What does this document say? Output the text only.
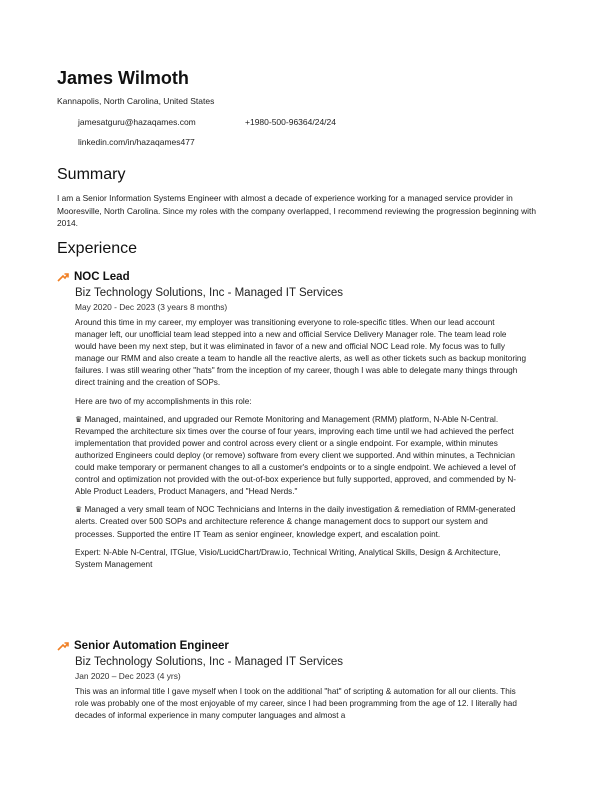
James Wilmoth
Kannapolis, North Carolina, United States
jamesatguru@hazaqames.com	+1980-500-96364/24/24
linkedin.com/in/hazaqames477
Summary
I am a Senior Information Systems Engineer with almost a decade of experience working for a managed service provider in Mooresville, North Carolina. Since my roles with the company overlapped, I recommend reviewing the progression beginning with 2014.
Experience
NOC Lead
Biz Technology Solutions, Inc - Managed IT Services
May 2020 - Dec 2023 (3 years 8 months)

Around this time in my career, my employer was transitioning everyone to role-specific titles. When our lead account manager left, our unofficial team lead stepped into a new and official Service Delivery Manager role. The team lead role would have been my next step, but it was eliminated in favor of a new and official NOC Lead role. My focus was to fully manage our RMM and also create a team to handle all the reactive alerts, as well as other tickets such as backup monitoring failures. I was still wearing other "hats" from the inception of my career, though I was able to delegate many things through direct training and the creation of SOPs.

Here are two of my accomplishments in this role:

♛ Managed, maintained, and upgraded our Remote Monitoring and Management (RMM) platform, N-Able N-Central. Revamped the architecture six times over the course of four years, improving each time until we had achieved the perfect implementation that provided power and control across every client or a single endpoint. For example, within minutes authorized Engineers could deploy (or remove) software from every client we supported. And within minutes, a Technician could make temporary or permanent changes to all a customer's endpoints or to a single endpoint. We achieved a level of control and optimization not provided with the out-of-box experience but fully supported, approved, and commended by N-Able Product Leaders, Product Managers, and "Head Nerds."

♛ Managed a very small team of NOC Technicians and Interns in the daily investigation & remediation of RMM-generated alerts. Created over 500 SOPs and architecture reference & change management docs to support our system and processes. Supported the entire IT Team as senior engineer, knowledge expert, and escalation point.

Expert: N-Able N-Central, ITGlue, Visio/LucidChart/Draw.io, Technical Writing, Analytical Skills, Design & Architecture, System Management

Senior Automation Engineer
Biz Technology Solutions, Inc - Managed IT Services
Jan 2020 – Dec 2023 (4 yrs)

This was an informal title I gave myself when I took on the additional "hat" of scripting & automation for all our clients. This role was probably one of the most enjoyable of my career, since I had been programming from the age of 12. I literally had decades of informal experience in many computer languages and almost a
